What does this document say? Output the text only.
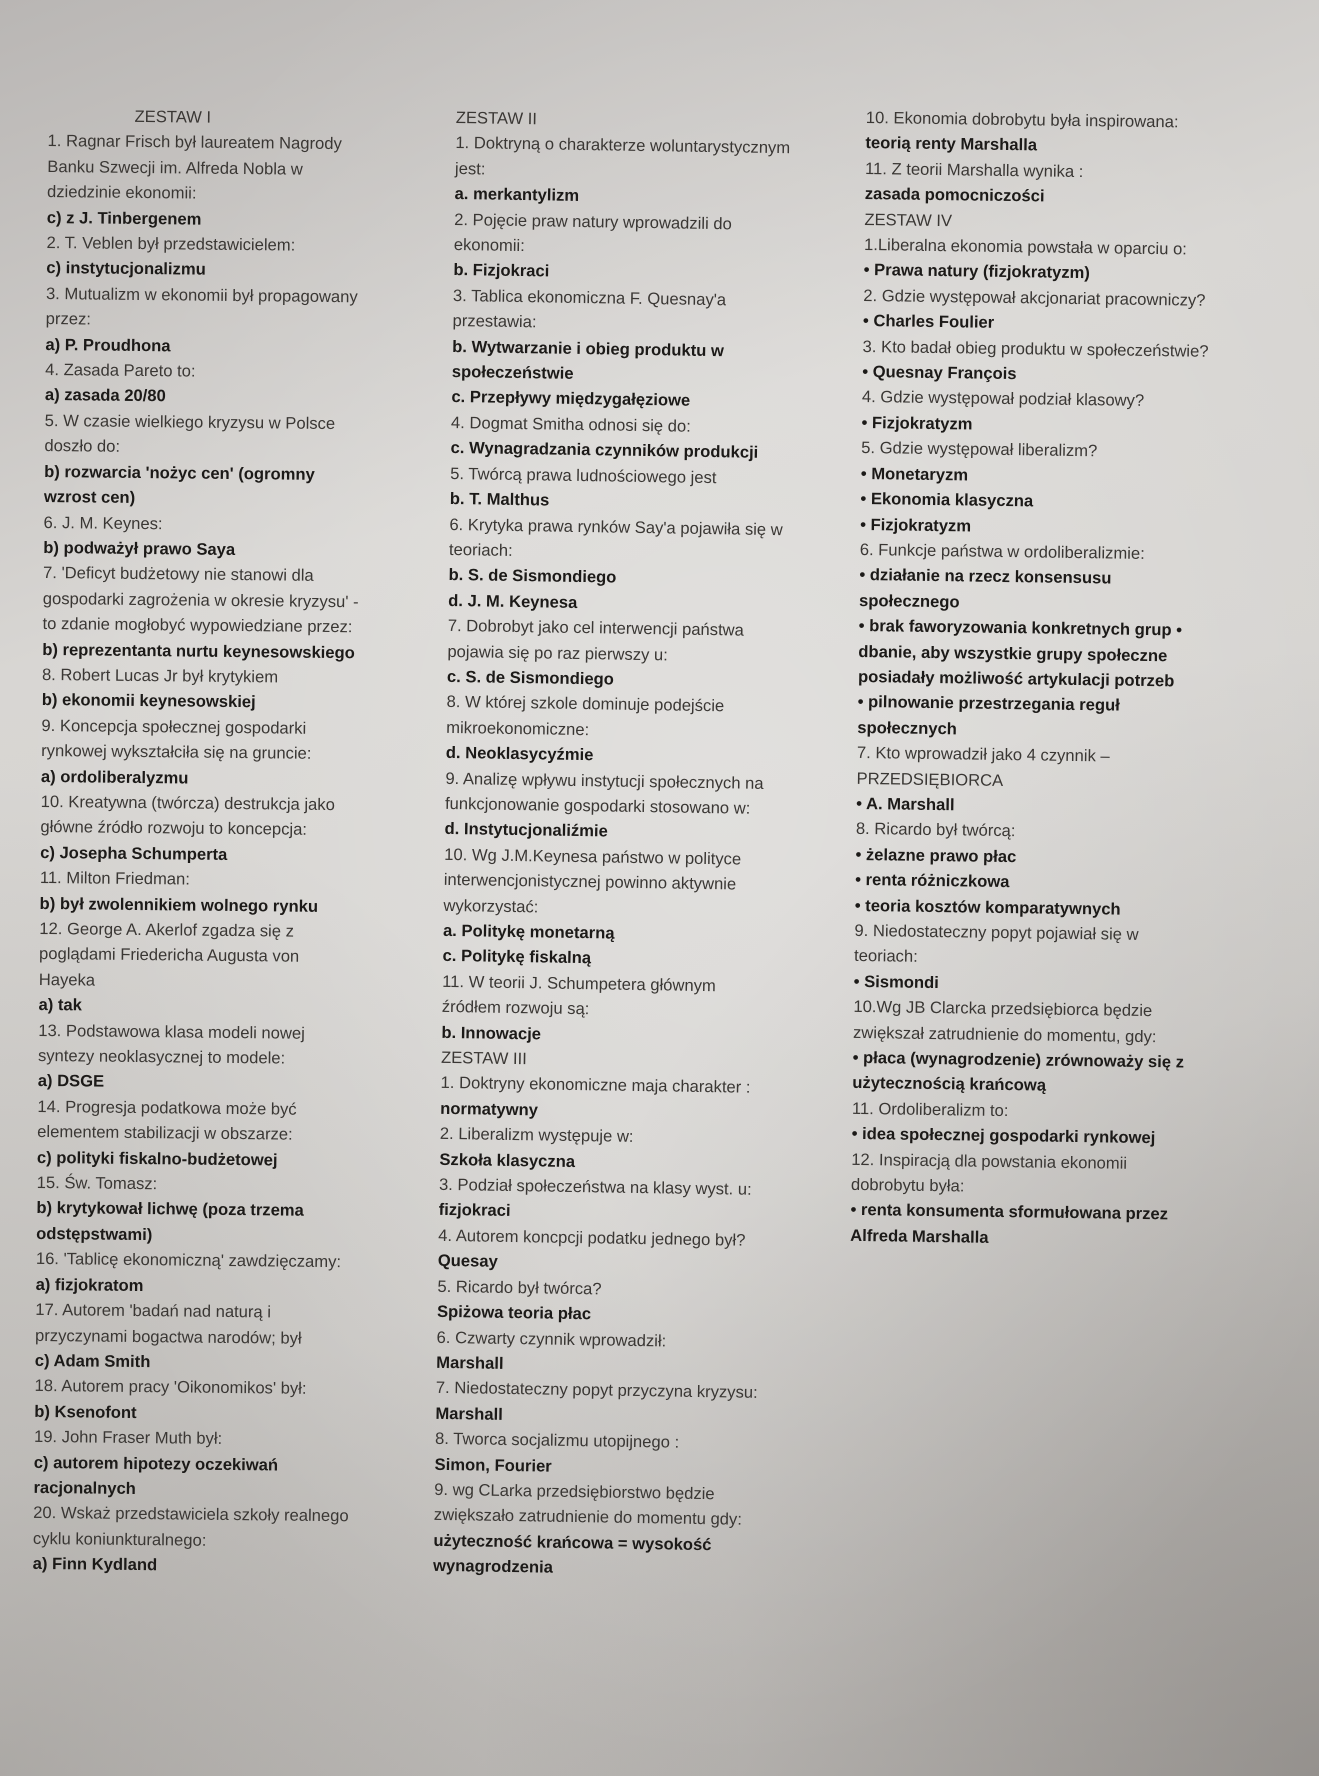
ZESTAW I

1. Ragnar Frisch był laureatem Nagrody Banku Szwecji im. Alfreda Nobla w dziedzinie ekonomii:

c) z J. Tinbergenem

2. T. Veblen był przedstawicielem:

c) instytucjonalizmu

3. Mutualizm w ekonomii był propagowany przez:

a) P. Proudhona

4. Zasada Pareto to:

a) zasada 20/80

5. W czasie wielkiego kryzysu w Polsce doszło do:

b) rozwarcia 'nożyc cen' (ogromny wzrost cen)

6. J. M. Keynes:

b) podważył prawo Saya

7. 'Deficyt budżetowy nie stanowi dla gospodarki zagrożenia w okresie kryzysu' - to zdanie mogłobyć wypowiedziane przez:

b) reprezentanta nurtu keynesowskiego

8. Robert Lucas Jr był krytykiem

b) ekonomii keynesowskiej

9. Koncepcja społecznej gospodarki rynkowej wykształciła się na gruncie:

a) ordoliberalyzmu

10. Kreatywna (twórcza) destrukcja jako główne źródło rozwoju to koncepcja:

c) Josepha Schumperta

11. Milton Friedman:

b) był zwolennikiem wolnego rynku

12. George A. Akerlof zgadza się z poglądami Friedericha Augusta von Hayeka

a) tak

13. Podstawowa klasa modeli nowej syntezy neoklasycznej to modele:

a) DSGE

14. Progresja podatkowa może być elementem stabilizacji w obszarze:

c) polityki fiskalno-budżetowej

15. Św. Tomasz:

b) krytykował lichwę (poza trzema odstępstwami)

16. 'Tablicę ekonomiczną' zawdzięczamy:

a) fizjokratom

17. Autorem 'badań nad naturą i przyczynami bogactwa narodów; był

c) Adam Smith

18. Autorem pracy 'Oikonomikos' był:

b) Ksenofont

19. John Fraser Muth był:

c) autorem hipotezy oczekiwań racjonalnych

20. Wskaż przedstawiciela szkoły realnego cyklu koniunkturalnego:

a) Finn Kydland

ZESTAW II

1. Doktryną o charakterze woluntarystycznym jest:

a. merkantylizm

2. Pojęcie praw natury wprowadzili do ekonomii:

b. Fizjokraci

3. Tablica ekonomiczna F. Quesnay'a przestawia:

b. Wytwarzanie i obieg produktu w społeczeństwie

c. Przepływy międzygałęziowe

4. Dogmat Smitha odnosi się do:

c. Wynagradzania czynników produkcji

5. Twórcą prawa ludnościowego jest

b. T. Malthus

6. Krytyka prawa rynków Say'a pojawiła się w teoriach:

b. S. de Sismondiego

d. J. M. Keynesa

7. Dobrobyt jako cel interwencji państwa pojawia się po raz pierwszy u:

c. S. de Sismondiego

8. W której szkole dominuje podejście mikroekonomiczne:

d. Neoklasycyźmie

9. Analizę wpływu instytucji społecznych na funkcjonowanie gospodarki stosowano w:

d. Instytucjonaliźmie

10. Wg J.M.Keynesa państwo w polityce interwencjonistycznej powinno aktywnie wykorzystać:

a. Politykę monetarną

c. Politykę fiskalną

11. W teorii J. Schumpetera głównym źródłem rozwoju są:

b. Innowacje

ZESTAW III

1. Doktryny ekonomiczne maja charakter :

normatywny

2. Liberalizm występuje w:

Szkoła klasyczna

3. Podział społeczeństwa na klasy wyst. u:

fizjokraci

4. Autorem koncpcji podatku jednego był?

Quesay

5. Ricardo był twórca?

Spiżowa teoria płac

6. Czwarty czynnik wprowadził:

Marshall

7. Niedostateczny popyt przyczyna kryzysu:

Marshall

8. Tworca socjalizmu utopijnego :

Simon, Fourier

9. wg CLarka przedsiębiorstwo będzie zwiększało zatrudnienie do momentu gdy:

użyteczność krańcowa = wysokość wynagrodzenia

10. Ekonomia dobrobytu była inspirowana:

teorią renty Marshalla

11. Z teorii Marshalla wynika :

zasada pomocniczości

ZESTAW IV

1.Liberalna ekonomia powstała w oparciu o:

• Prawa natury (fizjokratyzm)

2. Gdzie występował akcjonariat pracowniczy?

• Charles Foulier

3. Kto badał obieg produktu w społeczeństwie?

• Quesnay François

4. Gdzie występował podział klasowy?

• Fizjokratyzm

5. Gdzie występował liberalizm?

• Monetaryzm

• Ekonomia klasyczna

• Fizjokratyzm

6. Funkcje państwa w ordoliberalizmie:

• działanie na rzecz konsensusu społecznego

• brak faworyzowania konkretnych grup • dbanie, aby wszystkie grupy społeczne posiadały możliwość artykulacji potrzeb

• pilnowanie przestrzegania reguł społecznych

7. Kto wprowadził jako 4 czynnik – PRZEDSIĘBIORCA

• A. Marshall

8. Ricardo był twórcą:

• żelazne prawo płac

• renta różniczkowa

• teoria kosztów komparatywnych

9. Niedostateczny popyt pojawiał się w teoriach:

• Sismondi

10.Wg JB Clarcka przedsiębiorca będzie zwiększał zatrudnienie do momentu, gdy:

• płaca (wynagrodzenie) zrównoważy się z użytecznością krańcową

11. Ordoliberalizm to:

• idea społecznej gospodarki rynkowej

12. Inspiracją dla powstania ekonomii dobrobytu była:

• renta konsumenta sformułowana przez Alfreda Marshalla
